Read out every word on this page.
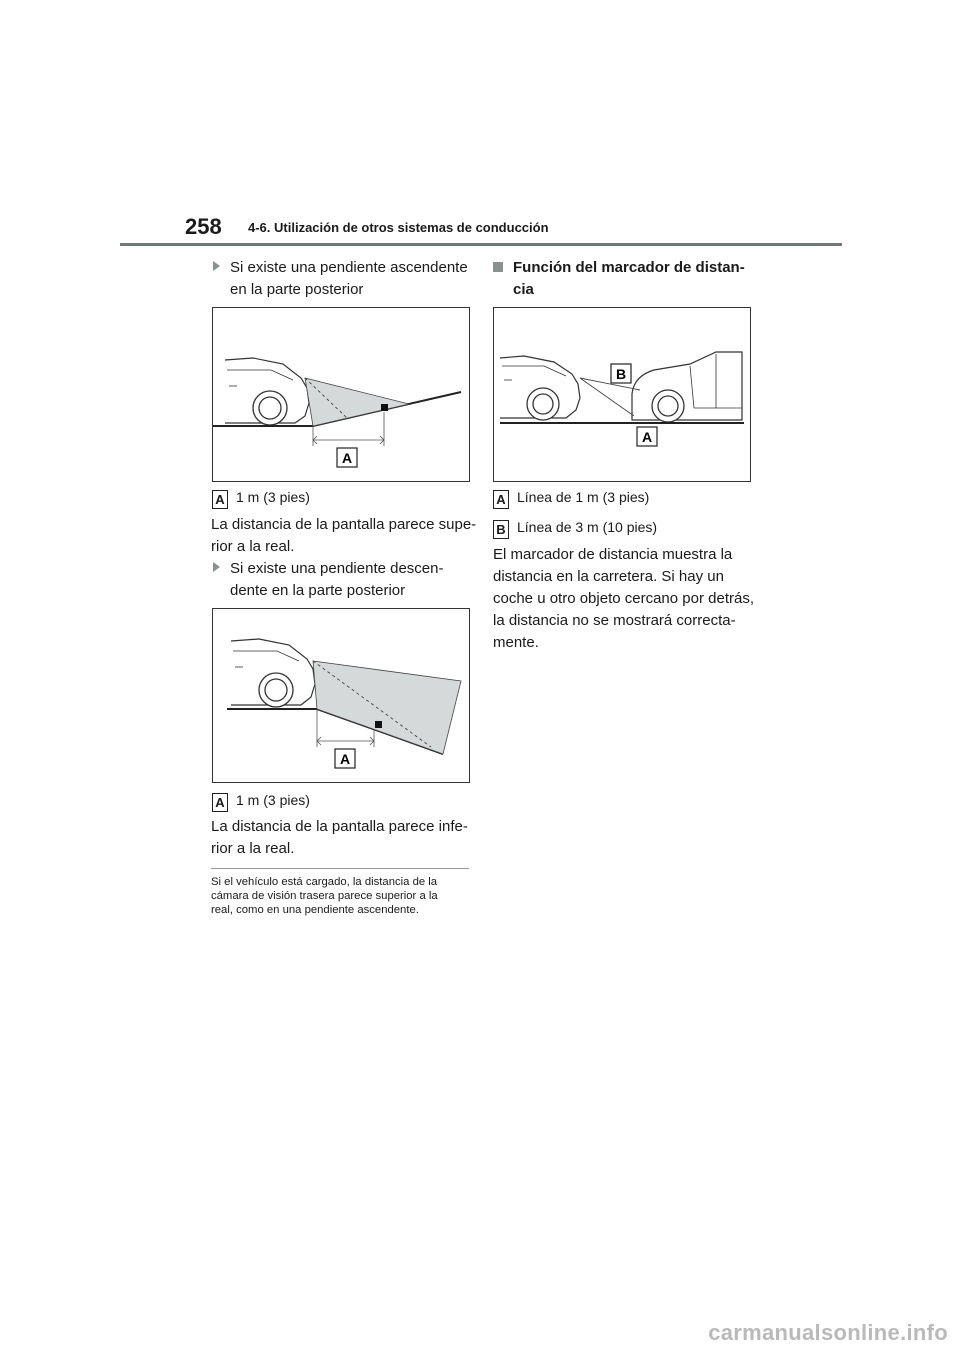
258 4-6. Utilización de otros sistemas de conducción
Si existe una pendiente ascendente
en la parte posterior
A
A 1 m (3 pies)
La distancia de la pantalla parece supe-
rior a la real.
Si existe una pendiente descen-
dente en la parte posterior
A
A 1 m (3 pies)
La distancia de la pantalla parece infe-
rior a la real.
Si el vehículo está cargado, la distancia de la
cámara de visión trasera parece superior a la
real, como en una pendiente ascendente.
Función del marcador de distan-
cia
B
A
A Línea de 1 m (3 pies)
B Línea de 3 m (10 pies)
El marcador de distancia muestra la
distancia en la carretera. Si hay un
coche u otro objeto cercano por detrás,
la distancia no se mostrará correcta-
mente.
carmanualsonline.info
